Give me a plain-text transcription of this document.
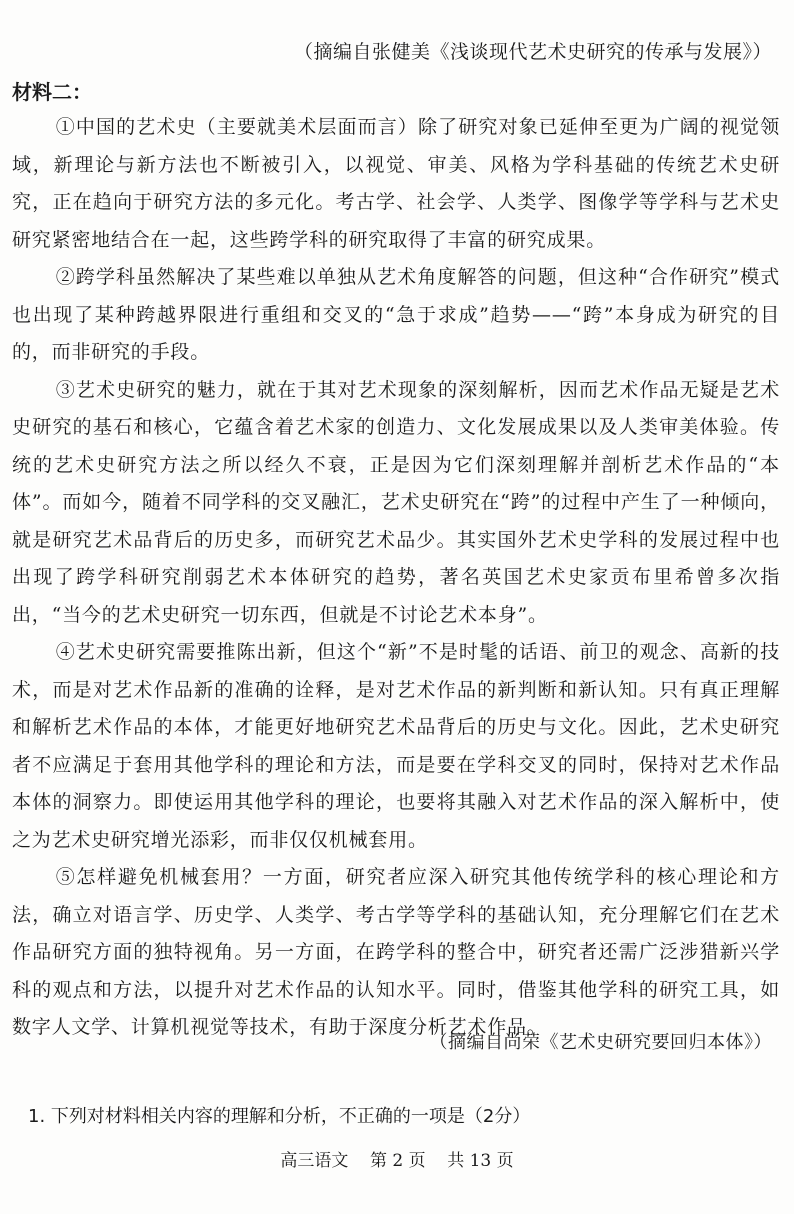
（摘编自张健美《浅谈现代艺术史研究的传承与发展》）
材料二：

①中国的艺术史（主要就美术层面而言）除了研究对象已延伸至更为广阔的视觉领域，新理论与新方法也不断被引入，以视觉、审美、风格为学科基础的传统艺术史研究，正在趋向于研究方法的多元化。考古学、社会学、人类学、图像学等学科与艺术史研究紧密地结合在一起，这些跨学科的研究取得了丰富的研究成果。

②跨学科虽然解决了某些难以单独从艺术角度解答的问题，但这种“合作研究”模式也出现了某种跨越界限进行重组和交叉的“急于求成”趋势——“跨”本身成为研究的目的，而非研究的手段。

③艺术史研究的魅力，就在于其对艺术现象的深刻解析，因而艺术作品无疑是艺术史研究的基石和核心，它蕴含着艺术家的创造力、文化发展成果以及人类审美体验。传统的艺术史研究方法之所以经久不衰，正是因为它们深刻理解并剖析艺术作品的“本体”。而如今，随着不同学科的交叉融汇，艺术史研究在“跨”的过程中产生了一种倾向，就是研究艺术品背后的历史多，而研究艺术品少。其实国外艺术史学科的发展过程中也出现了跨学科研究削弱艺术本体研究的趋势，著名英国艺术史家贡布里希曾多次指出，“当今的艺术史研究一切东西，但就是不讨论艺术本身”。

④艺术史研究需要推陈出新，但这个“新”不是时髦的话语、前卫的观念、高新的技术，而是对艺术作品新的准确的诠释，是对艺术作品的新判断和新认知。只有真正理解和解析艺术作品的本体，才能更好地研究艺术品背后的历史与文化。因此，艺术史研究者不应满足于套用其他学科的理论和方法，而是要在学科交叉的同时，保持对艺术作品本体的洞察力。即使运用其他学科的理论，也要将其融入对艺术作品的深入解析中，使之为艺术史研究增光添彩，而非仅仅机械套用。

⑤怎样避免机械套用？一方面，研究者应深入研究其他传统学科的核心理论和方法，确立对语言学、历史学、人类学、考古学等学科的基础认知，充分理解它们在艺术作品研究方面的独特视角。另一方面，在跨学科的整合中，研究者还需广泛涉猎新兴学科的观点和方法，以提升对艺术作品的认知水平。同时，借鉴其他学科的研究工具，如数字人文学、计算机视觉等技术，有助于深度分析艺术作品。

（摘编自尚荣《艺术史研究要回归本体》）
1. 下列对材料相关内容的理解和分析，不正确的一项是（2分）
高三语文    第 2 页    共 13 页
